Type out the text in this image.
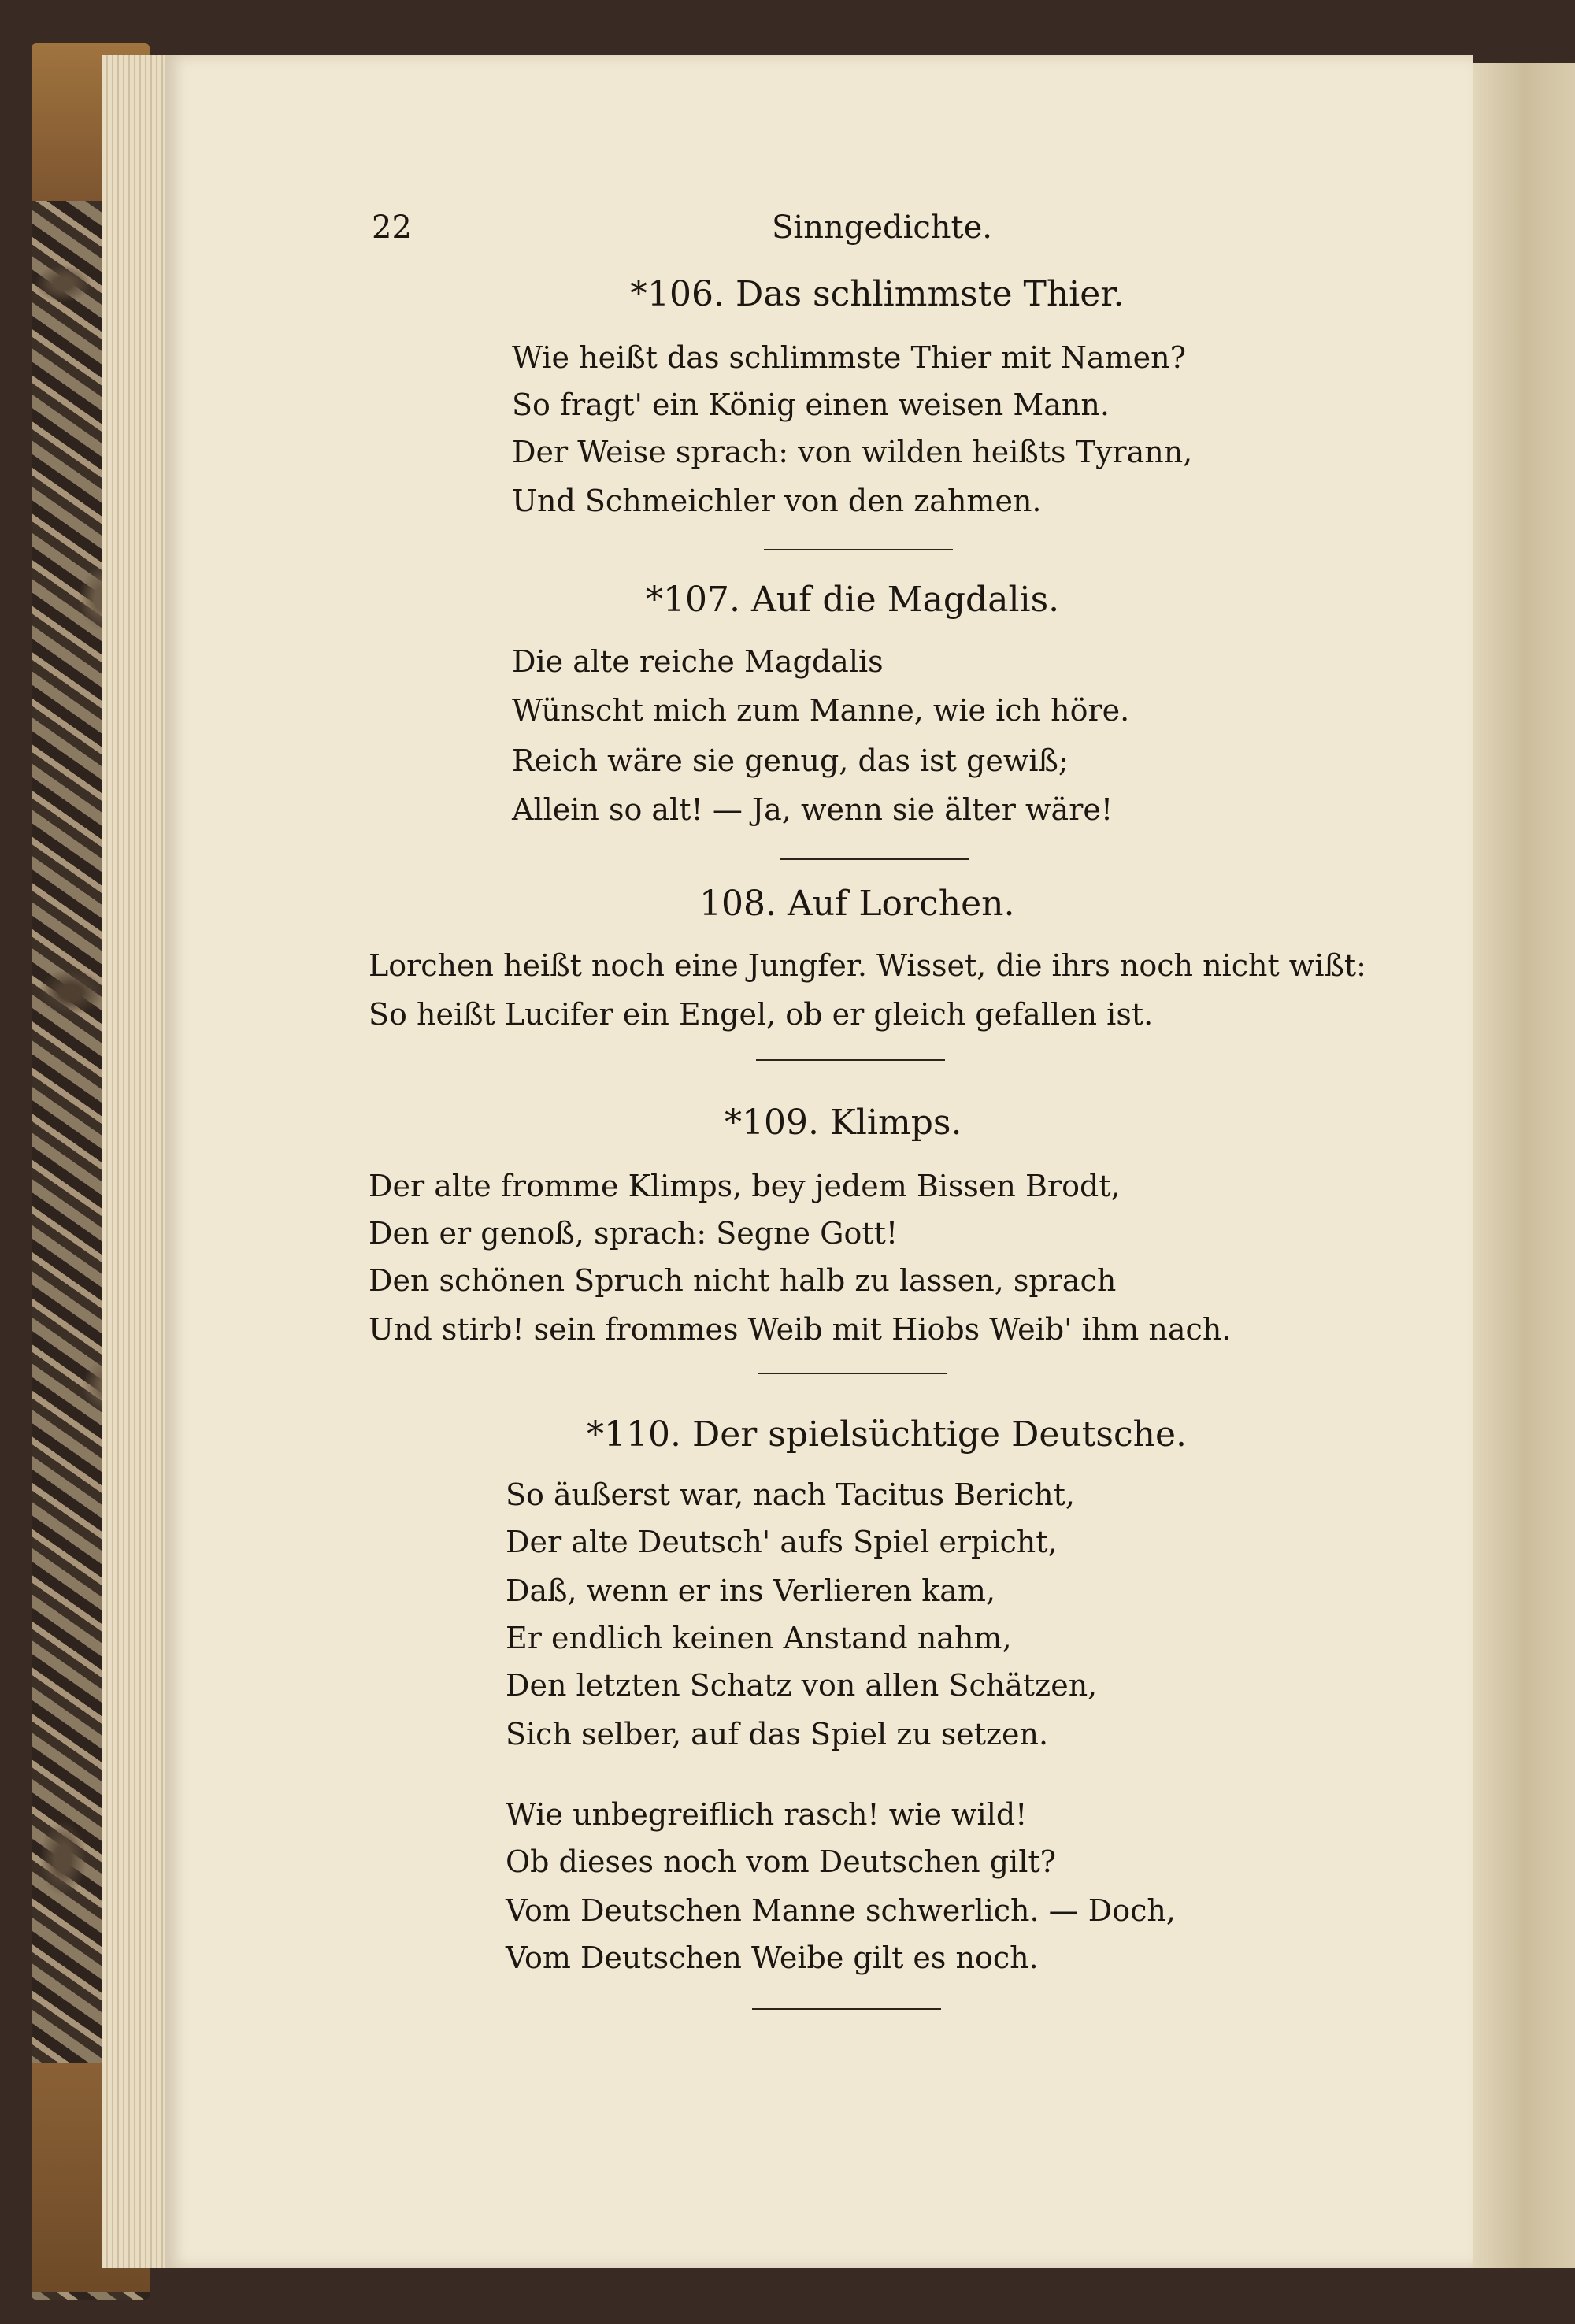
22	Sinngedichte.
*106. Das schlimmste Thier.
Wie heißt das schlimmste Thier mit Namen?
So fragt' ein König einen weisen Mann.
Der Weise sprach: von wilden heißts Tyrann,
Und Schmeichler von den zahmen.
*107. Auf die Magdalis.
Die alte reiche Magdalis
Wünscht mich zum Manne, wie ich höre.
Reich wäre sie genug, das ist gewiß;
Allein so alt! — Ja, wenn sie älter wäre!
108. Auf Lorchen.
Lorchen heißt noch eine Jungfer. Wisset, die ihrs noch nicht wißt:
So heißt Lucifer ein Engel, ob er gleich gefallen ist.
*109. Klimps.
Der alte fromme Klimps, bey jedem Bissen Brodt,
Den er genoß, sprach: Segne Gott!
Den schönen Spruch nicht halb zu lassen, sprach
Und stirb! sein frommes Weib mit Hiobs Weib' ihm nach.
*110. Der spielsüchtige Deutsche.
So äußerst war, nach Tacitus Bericht,
Der alte Deutsch' aufs Spiel erpicht,
Daß, wenn er ins Verlieren kam,
Er endlich keinen Anstand nahm,
Den letzten Schatz von allen Schätzen,
Sich selber, auf das Spiel zu setzen.
Wie unbegreiflich rasch! wie wild!
Ob dieses noch vom Deutschen gilt?
Vom Deutschen Manne schwerlich. — Doch,
Vom Deutschen Weibe gilt es noch.
